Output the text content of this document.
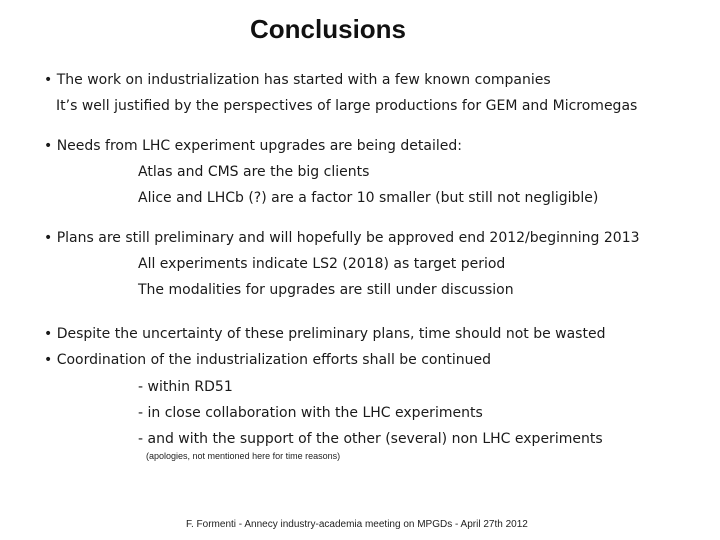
Conclusions
• The work on industrialization has started with a few known companies
It’s well justified by the perspectives of large productions for GEM and Micromegas
• Needs from LHC experiment upgrades are being detailed:
Atlas and CMS are the big clients
Alice and LHCb (?) are a factor 10 smaller (but still not negligible)
• Plans are still preliminary and will hopefully be approved end 2012/beginning 2013
All experiments indicate LS2 (2018) as target period
The modalities for upgrades are still under discussion
• Despite the uncertainty of these preliminary plans, time should not be wasted
• Coordination of the industrialization efforts shall be continued
- within RD51
- in close collaboration with the LHC experiments
- and with the support of the other (several) non LHC experiments
(apologies, not mentioned here for time reasons)
F. Formenti - Annecy industry-academia meeting on MPGDs - April 27th 2012
